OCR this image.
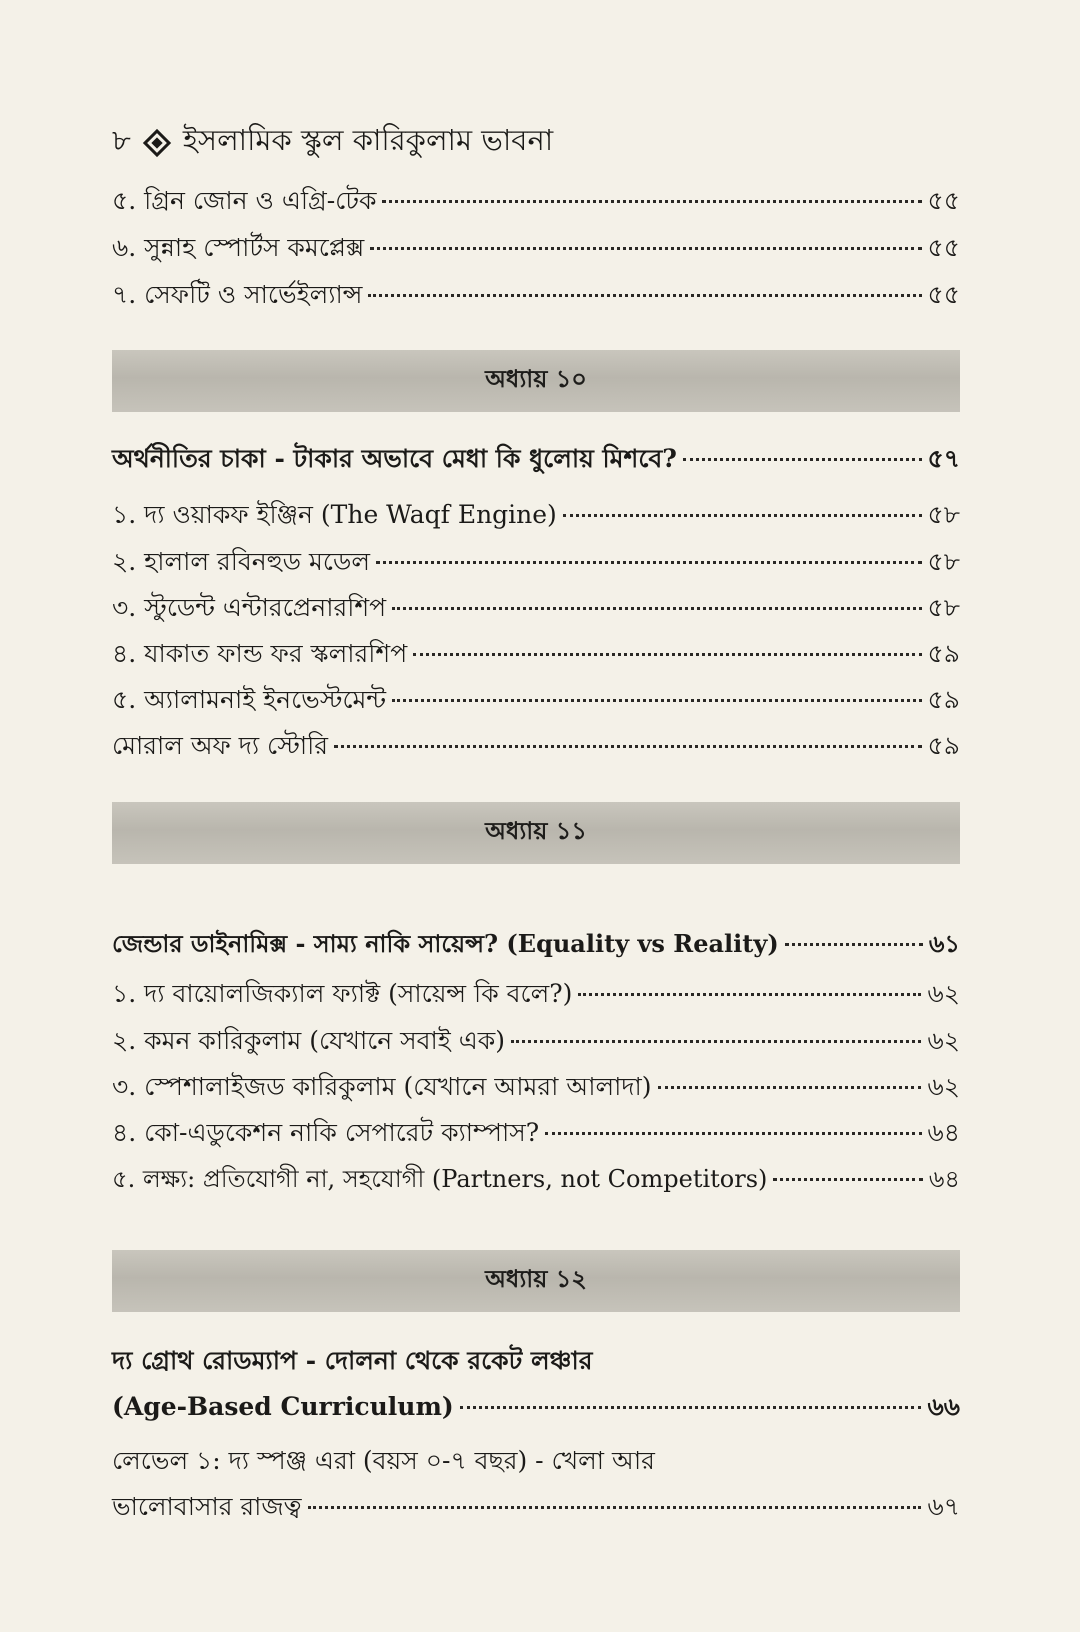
৮ ইসলামিক স্কুল কারিকুলাম ভাবনা
৫. গ্রিন জোন ও এগ্রি-টেক	৫৫
৬. সুন্নাহ স্পোর্টস কমপ্লেক্স	৫৫
৭. সেফটি ও সার্ভেইল্যান্স	৫৫
অধ্যায় ১০
অর্থনীতির চাকা - টাকার অভাবে মেধা কি ধুলোয় মিশবে?	৫৭
১. দ্য ওয়াকফ ইঞ্জিন (The Waqf Engine)	৫৮
২. হালাল রবিনহুড মডেল	৫৮
৩. স্টুডেন্ট এন্টারপ্রেনারশিপ	৫৮
৪. যাকাত ফান্ড ফর স্কলারশিপ	৫৯
৫. অ্যালামনাই ইনভেস্টমেন্ট	৫৯
মোরাল অফ দ্য স্টোরি	৫৯
অধ্যায় ১১
জেন্ডার ডাইনামিক্স - সাম্য নাকি সায়েন্স? (Equality vs Reality)	৬১
১. দ্য বায়োলজিক্যাল ফ্যাক্ট (সায়েন্স কি বলে?)	৬২
২. কমন কারিকুলাম (যেখানে সবাই এক)	৬২
৩. স্পেশালাইজড কারিকুলাম (যেখানে আমরা আলাদা)	৬২
৪. কো-এডুকেশন নাকি সেপারেট ক্যাম্পাস?	৬৪
৫. লক্ষ্য: প্রতিযোগী না, সহযোগী (Partners, not Competitors)	৬৪
অধ্যায় ১২
দ্য গ্রোথ রোডম্যাপ - দোলনা থেকে রকেট লঞ্চার
(Age-Based Curriculum)	৬৬
লেভেল ১: দ্য স্পঞ্জ এরা (বয়স ০-৭ বছর) - খেলা আর
ভালোবাসার রাজত্ব	৬৭
